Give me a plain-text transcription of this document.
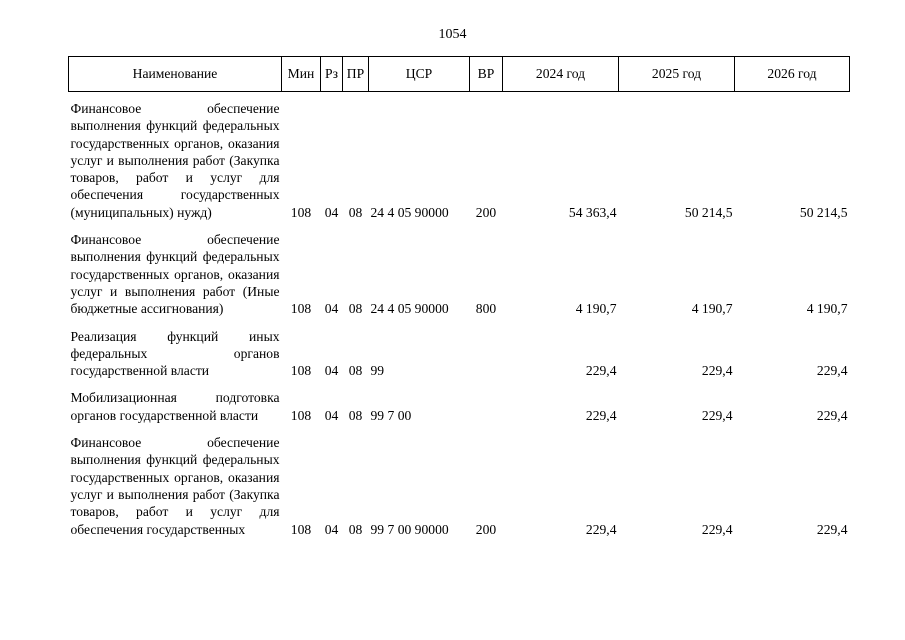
1054
Наименование	Мин	Рз	ПР	ЦСР	ВР	2024 год	2025 год	2026 год
Финансовое обеспечение выполнения функций федеральных государственных органов, оказания услуг и выполнения работ (Закупка товаров, работ и услуг для обеспечения государственных (муниципальных) нужд)	108	04	08	24 4 05 90000	200	54 363,4	50 214,5	50 214,5
Финансовое обеспечение выполнения функций федеральных государственных органов, оказания услуг и выполнения работ (Иные бюджетные ассигнования)	108	04	08	24 4 05 90000	800	4 190,7	4 190,7	4 190,7
Реализация функций иных федеральных органов государственной власти	108	04	08	99		229,4	229,4	229,4
Мобилизационная подготовка органов государственной власти	108	04	08	99 7 00		229,4	229,4	229,4
Финансовое обеспечение выполнения функций федеральных государственных органов, оказания услуг и выполнения работ (Закупка товаров, работ и услуг для обеспечения государственных	108	04	08	99 7 00 90000	200	229,4	229,4	229,4
